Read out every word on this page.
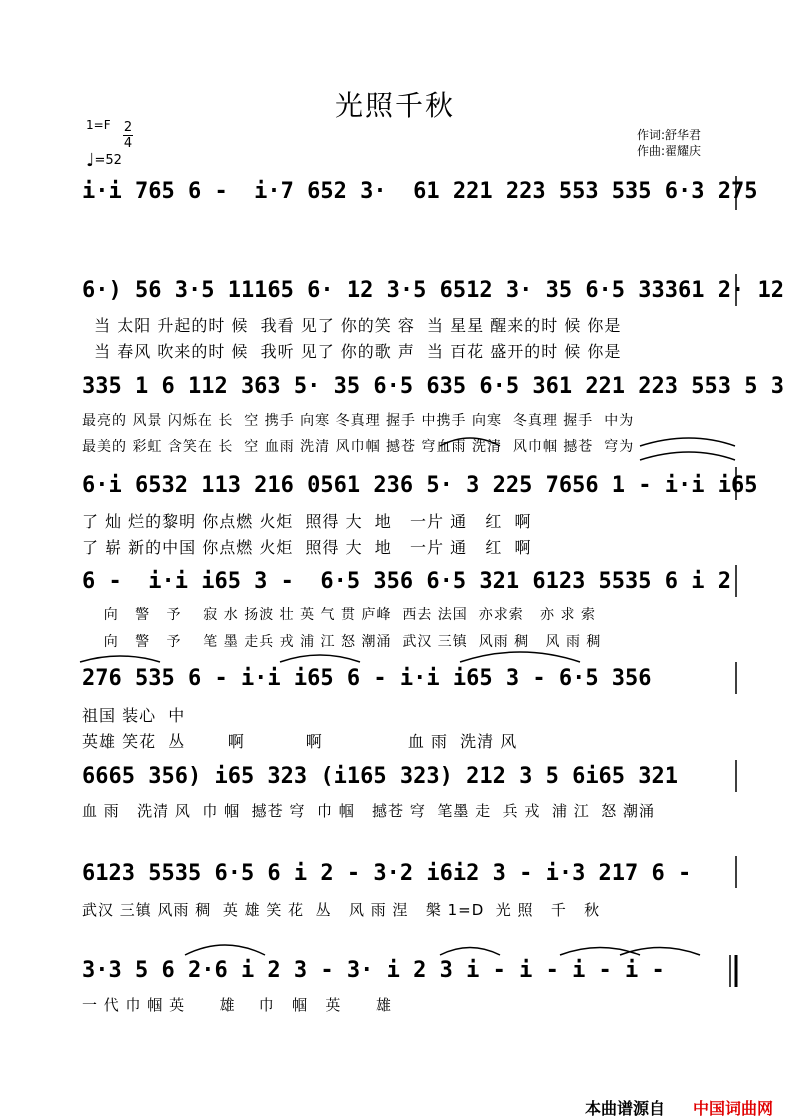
光照千秋
1=F 2
4
♩=52
作词:舒华君
作曲:翟耀庆
i·i 765 6 -  i·7 652 3·  61 221 223 553 535 6·3 275
6·) 56 3·5 11165 6· 12 3·5 6512 3· 35 6·5 33361 2· 12
当 太阳 升起的时 候  我看 见了 你的笑 容  当 星星 醒来的时 候 你是
当 春风 吹来的时 候  我听 见了 你的歌 声  当 百花 盛开的时 候 你是
335 1 6 112 363 5· 35 6·5 635 6·5 361 221 223 553 5 3
最亮的 风景 闪烁在 长  空 携手 向寒 冬真理 握手 中携手 向寒  冬真理 握手  中为
最美的 彩虹 含笑在 长  空 血雨 洗清 风巾帼 撼苍 穹血雨 洗清  风巾帼 撼苍  穹为
6·i 6532 113 216 0561 236 5· 3 225 7656 1 - i·i i65
了 灿 烂的黎明 你点燃 火炬  照得 大  地   一片 通   红  啊
了 崭 新的中国 你点燃 火炬  照得 大  地   一片 通   红  啊
6 -  i·i i65 3 -  6·5 356 6·5 321 6123 5535 6 i 2
向   警   予    寂 水 扬波 壮 英 气 贯 庐峰  西去 法国  亦求索   亦 求 索
向   警   予    笔 墨 走兵 戎 浦 江 怒 潮涌  武汉 三镇  风雨 稠   风 雨 稠
276 535 6 - i·i i65 6 - i·i i65 3 - 6·5 356
祖国 装心  中
英雄 笑花  丛       啊          啊              血 雨  洗清 风
6665 356) i65 323 (i165 323) 212 3 5 6i65 321
血 雨   洗清 风  巾 帼  撼苍 穹  巾 帼   撼苍 穹  笔墨 走  兵 戎  浦 江  怒 潮涌
6123 5535 6·5 6 i 2 - 3·2 i6i2 3 - i·3 217 6 -
武汉 三镇 风雨 稠  英 雄 笑 花  丛   风 雨 涅   槃 1=D  光 照   千   秋
3·3 5 6 2·6 i 2 3 - 3· i 2 3 i - i - i - i -
一 代 巾 帼 英      雄    巾   帼   英      雄
本曲谱源自 中国词曲网
